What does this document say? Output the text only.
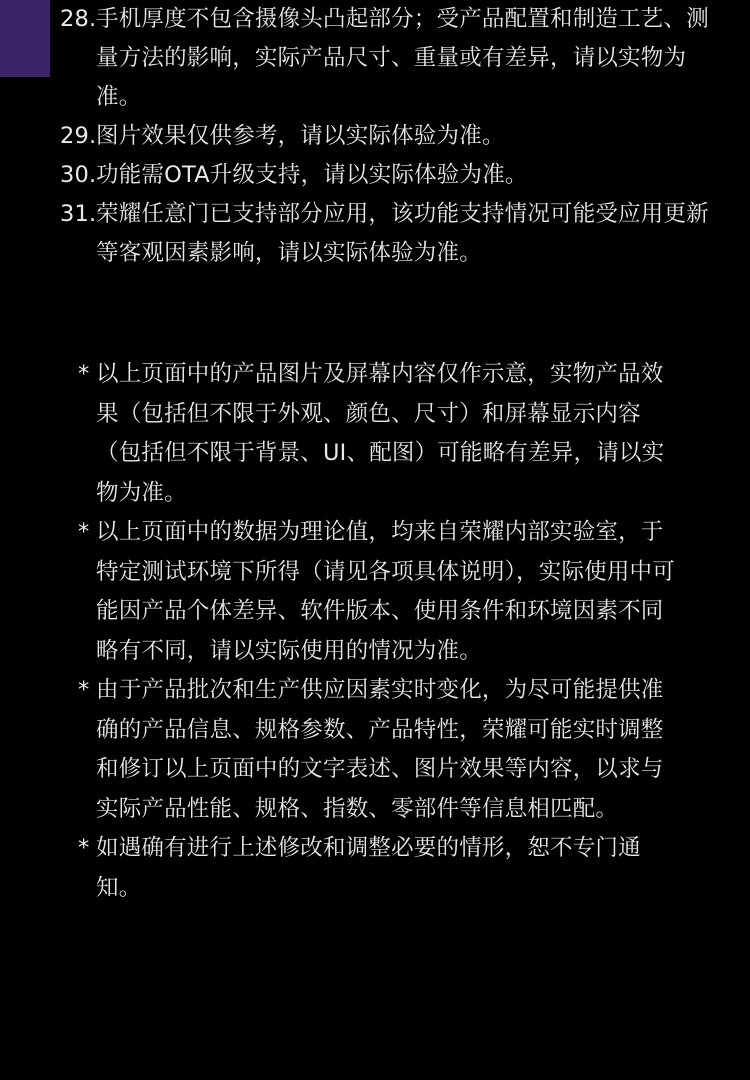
28. 手机厚度不包含摄像头凸起部分；受产品配置和制造工艺、测量方法的影响，实际产品尺寸、重量或有差异，请以实物为准。
29. 图片效果仅供参考，请以实际体验为准。
30. 功能需OTA升级支持，请以实际体验为准。
31. 荣耀任意门已支持部分应用，该功能支持情况可能受应用更新等客观因素影响，请以实际体验为准。
* 以上页面中的产品图片及屏幕内容仅作示意，实物产品效果（包括但不限于外观、颜色、尺寸）和屏幕显示内容（包括但不限于背景、UI、配图）可能略有差异，请以实物为准。
* 以上页面中的数据为理论值，均来自荣耀内部实验室，于特定测试环境下所得（请见各项具体说明），实际使用中可能因产品个体差异、软件版本、使用条件和环境因素不同略有不同，请以实际使用的情况为准。
* 由于产品批次和生产供应因素实时变化，为尽可能提供准确的产品信息、规格参数、产品特性，荣耀可能实时调整和修订以上页面中的文字表述、图片效果等内容，以求与实际产品性能、规格、指数、零部件等信息相匹配。
* 如遇确有进行上述修改和调整必要的情形，恕不专门通知。
